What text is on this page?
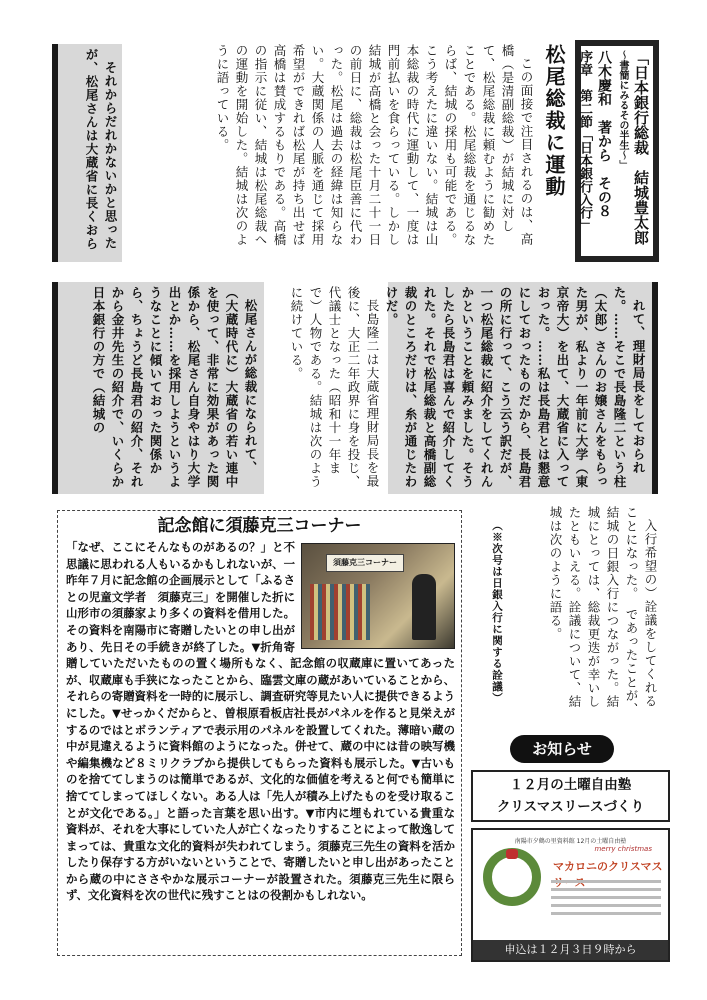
「日本銀行総裁　結城豊太郎
～書簡にみるその半生～」
八木慶和　著から　その８
序章　第二節「日本銀行入行」
松尾総裁に運動

この面接で注目されるのは、高橋（是清副総裁）が結城に対して、松尾総裁に頼むように勧めたことである。松尾総裁を通じるならば、結城の採用も可能である。こう考えたに違いない。結城は山本総裁の時代に運動して、一度は門前払いを食らっている。しかし結城が高橋と会った十月二十一日の前日に、総裁は松尾臣善に代わった。松尾は過去の経緯は知らない。大蔵関係の人脈を通じて採用希望ができれば松尾が持ち出せば高橋は賛成するもりである。高橋の指示に従い、結城は松尾総裁への運動を開始した。結城は次のように語っている。

それからだれかないかと思ったが、松尾さんは大蔵省に長くおら

れて、理財局長をしておられた。……そこで長島隆二という柱（太郎）さんのお嬢さんをもらった男が、私より一年前に大学（東京帝大）を出て、大蔵省に入っておった。……私は長島君とは懇意にしておったものだから、長島君の所に行って、こう云う訳だが、一つ松尾総裁に紹介をしてくれんかということを頼みました。そうしたら長島君は喜んで紹介してくれた。それで松尾総裁と高橋副総裁のところだけは、糸が通じたわけだ。

長島隆二は大蔵省理財局長を最後に、大正二年政界に身を投じ、代議士となった（昭和十一年まで）人物である。結城は次のように続けている。

松尾さんが総裁になられて、（大蔵時代に）大蔵省の若い連中を使って、非常に効果があった関係から、松尾さん自身やはり大学出とか……を採用しようというようなことに傾いておった関係から、ちょうど長島君の紹介、それから金井先生の紹介で、いくらか日本銀行の方で（結城の

入行希望の）詮議をしてくれることになった。　であったことが、結城の日銀入行につながった。結城にとっては、総裁更迭が幸いしたともいえる。詮議について、結城は次のように語る。

（※次号は日銀入行に関する詮議）
記念館に須藤克三コーナー
須藤克三コーナー
「なぜ、ここにそんなものがあるの？」と不思議に思われる人もいるかもしれないが、一昨年７月に記念館の企画展示として「ふるさとの児童文学者　須藤克三」を開催した折に山形市の須藤家より多くの資料を借用した。その資料を南陽市に寄贈したいとの申し出があり、先日その手続きが終了した。▼折角寄贈していただいたものの置く場所もなく、記念館の収蔵庫に置いてあったが、収蔵庫も手狭になったことから、臨雲文庫の蔵があいていることから、それらの寄贈資料を一時的に展示し、調査研究等見たい人に提供できるようにした。▼せっかくだからと、曽根原看板店社長がパネルを作ると見栄えがするのではとボランティアで表示用のパネルを設置してくれた。薄暗い蔵の中が見違えるように資料館のようになった。併せて、蔵の中には昔の映写機や編集機など８ミリクラブから提供してもらった資料も展示した。▼古いものを捨ててしまうのは簡単であるが、文化的な価値を考えると何でも簡単に捨ててしまってほしくない。ある人は「先人が積み上げたものを受け取ることが文化である。」と語った言葉を思い出す。▼市内に埋もれている貴重な資料が、それを大事にしていた人が亡くなったりすることによって散逸してまっては、貴重な文化的資料が失われてしまう。須藤克三先生の資料を活かしたり保存する方がいないということで、寄贈したいと申し出があったことから蔵の中にささやかな展示コーナーが設置された。須藤克三先生に限らず、文化資料を次の世代に残すことはの役割かもしれない。
お知らせ
１２月の土曜自由塾
クリスマスリースづくり
南陽市夕鶴の里資料館 12月の土曜自由塾
merry christmas
マカロニのクリスマス
申込は１２月３日９時から
